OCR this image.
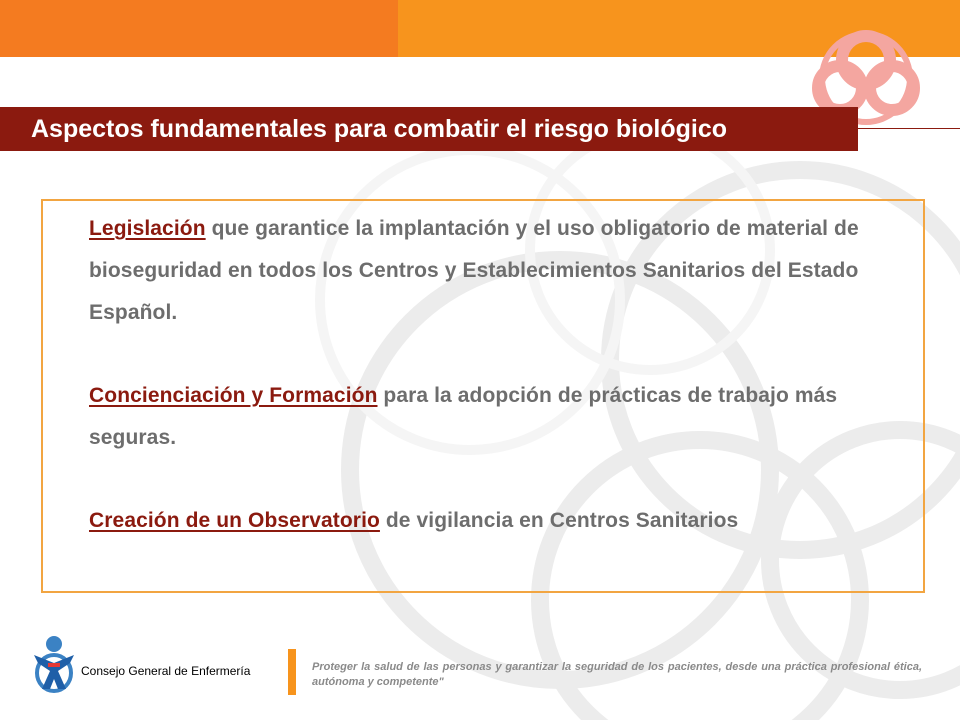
Aspectos fundamentales para combatir el riesgo biológico
Legislación que garantice la implantación y el uso obligatorio de material de bioseguridad en todos los Centros y Establecimientos Sanitarios del Estado Español.
Concienciación y Formación para la adopción de prácticas de trabajo más seguras.
Creación de un Observatorio de vigilancia en Centros Sanitarios
Consejo General de Enfermería	Proteger la salud de las personas y garantizar la seguridad de los pacientes, desde una práctica profesional ética, autónoma y competente"
